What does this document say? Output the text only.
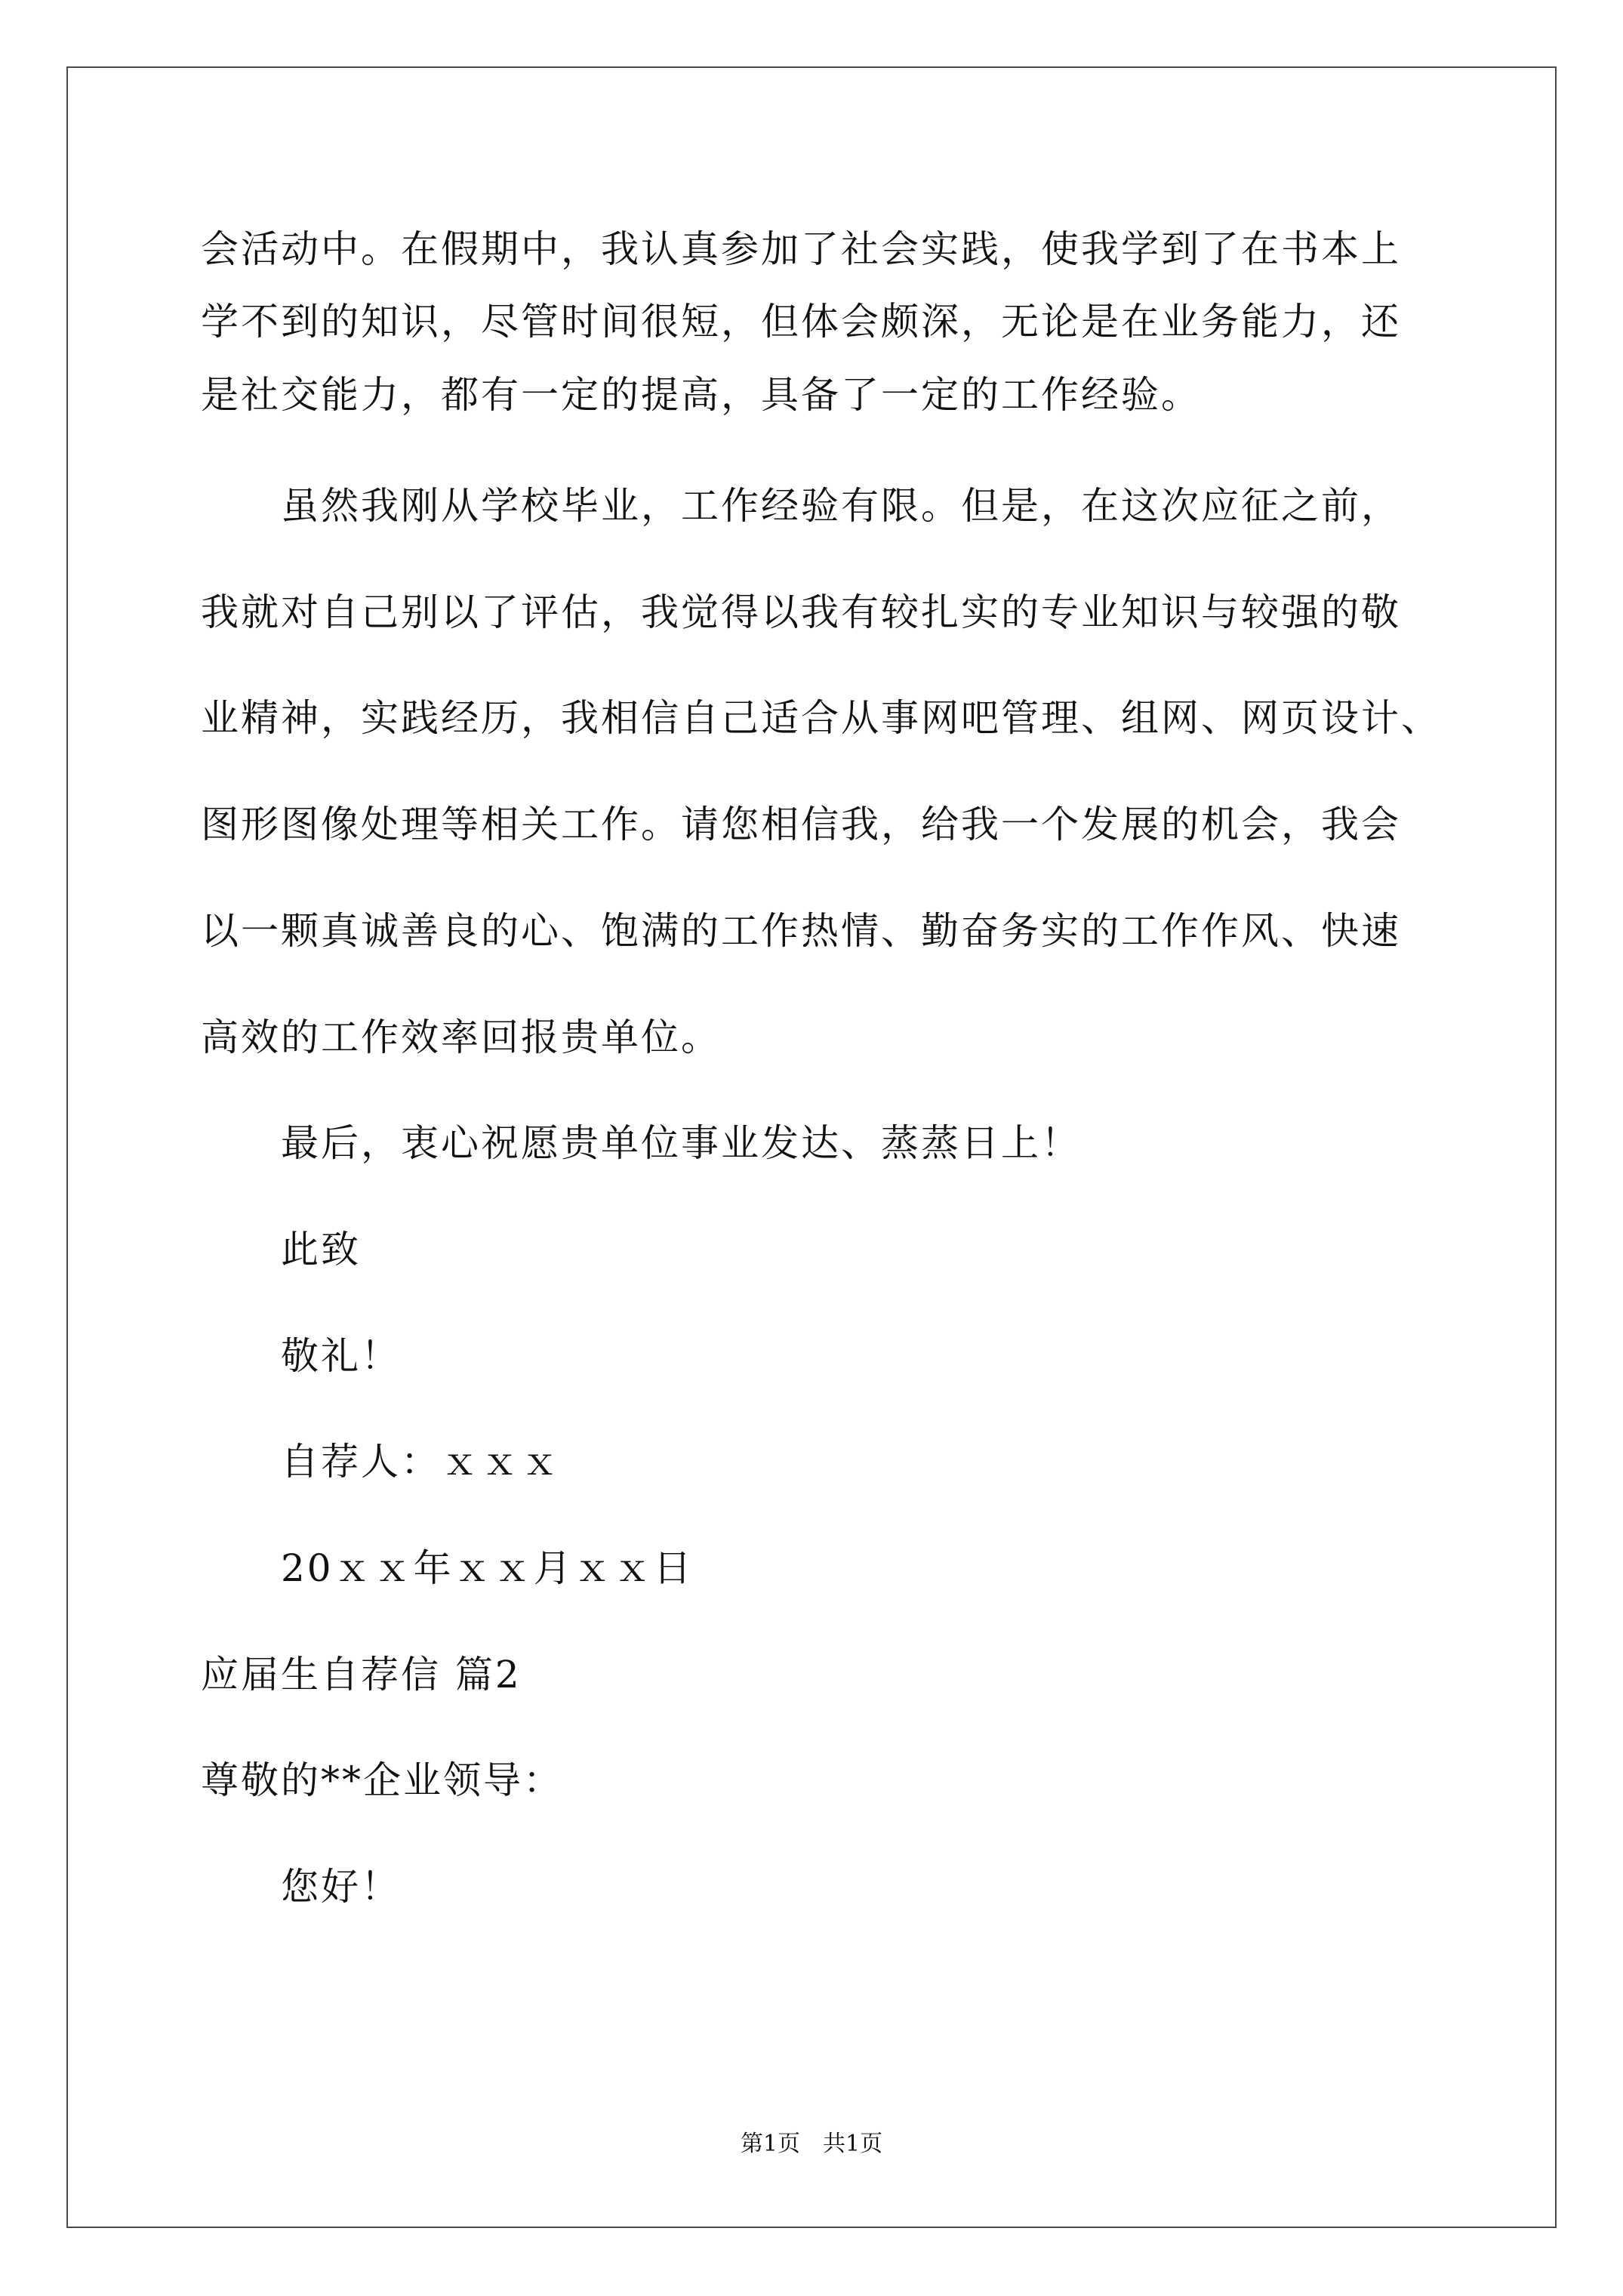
会活动中。在假期中，我认真参加了社会实践，使我学到了在书本上
学不到的知识，尽管时间很短，但体会颇深，无论是在业务能力，还
是社交能力，都有一定的提高，具备了一定的工作经验。
虽然我刚从学校毕业，工作经验有限。但是，在这次应征之前，
我就对自己别以了评估，我觉得以我有较扎实的专业知识与较强的敬
业精神，实践经历，我相信自己适合从事网吧管理、组网、网页设计、
图形图像处理等相关工作。请您相信我，给我一个发展的机会，我会
以一颗真诚善良的心、饱满的工作热情、勤奋务实的工作作风、快速
高效的工作效率回报贵单位。
最后，衷心祝愿贵单位事业发达、蒸蒸日上！
此致
敬礼！
自荐人：ｘｘｘ
20ｘｘ年ｘｘ月ｘｘ日
应届生自荐信 篇2
尊敬的**企业领导：
您好！
第1页　共1页
